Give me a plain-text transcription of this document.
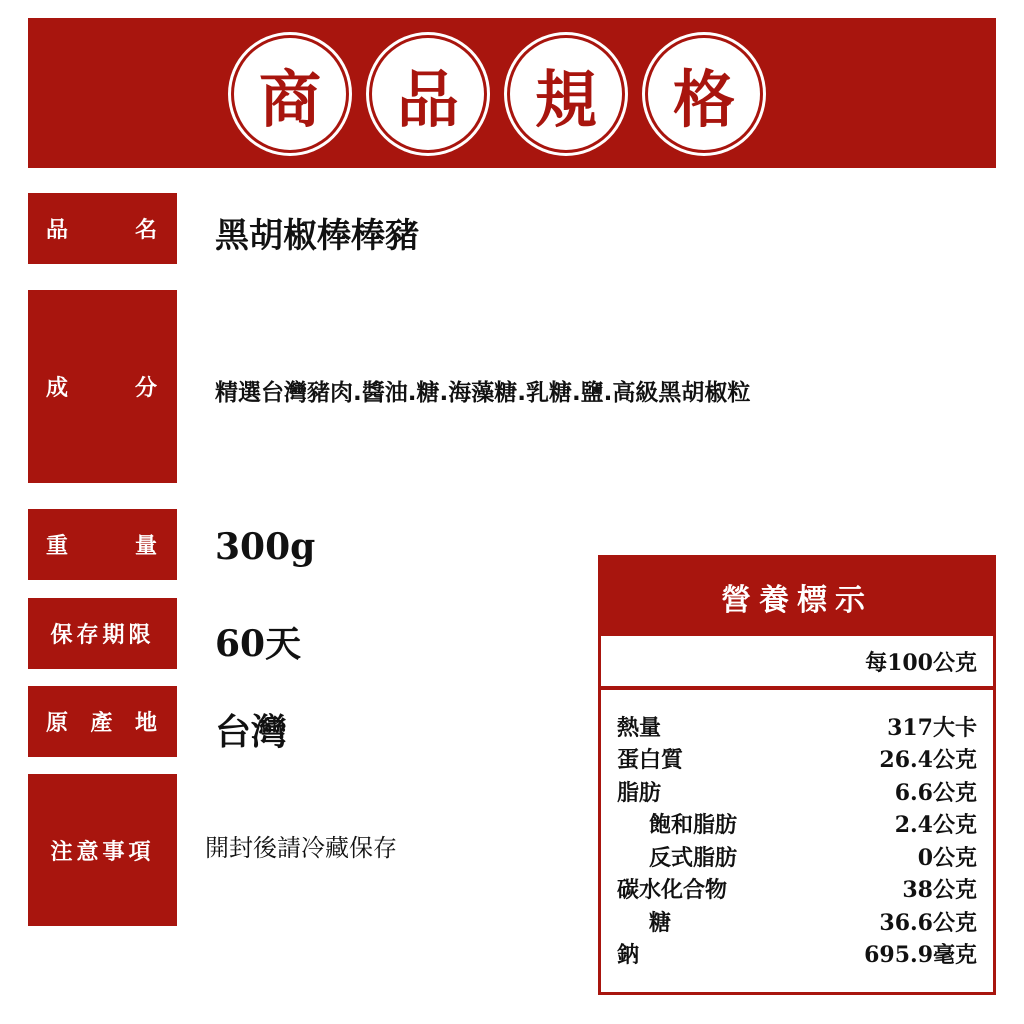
商	品	規	格
品	名 黑胡椒棒棒豬
成	分 精選台灣豬肉.醬油.糖.海藻糖.乳糖.鹽.高級黑胡椒粒
重	量 300g
保存期限 60天
原 產 地 台灣
注意事項 開封後請冷藏保存
營養標示
每100公克
熱量	317大卡
蛋白質	26.4公克
脂肪	6.6公克
飽和脂肪	2.4公克
反式脂肪	0公克
碳水化合物	38公克
糖	36.6公克
鈉	695.9毫克
